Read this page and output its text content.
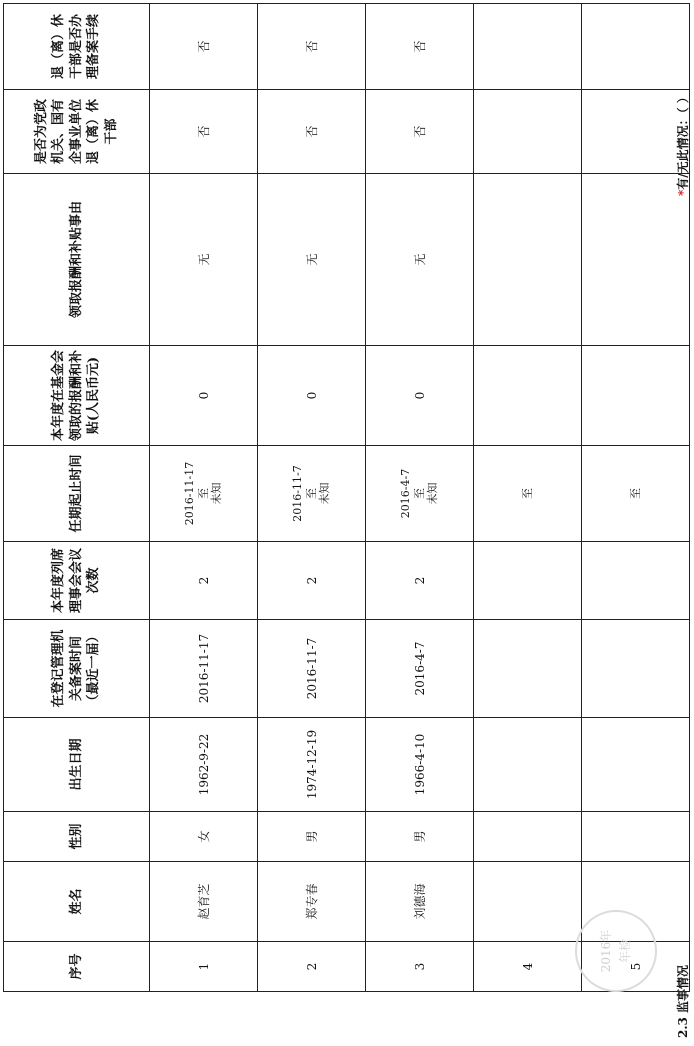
2.3 监事情况
*有/无此情况：（ ）
序号	姓名	性别	出生日期	在登记管理机关备案时间（最近一届）	本年度列席理事会会议次数	任期起止时间	本年度在基金会领取的报酬和补贴(人民币元)	领取报酬和补贴事由	是否为党政机关、国有企事业单位退（离）休干部	退（离）休干部是否办理备案手续
1	赵育芝	女	1962-9-22	2016-11-17	2	2016-11-17 至 未知	0	无	否	否
2	郑专春	男	1974-12-19	2016-11-7	2	2016-11-7 至 未知	0	无	否	否
3	刘德海	男	1966-4-10	2016-4-7	2	2016-4-7 至 未知	0	无	否	否
4						至				

5						至				

2016年 年检
